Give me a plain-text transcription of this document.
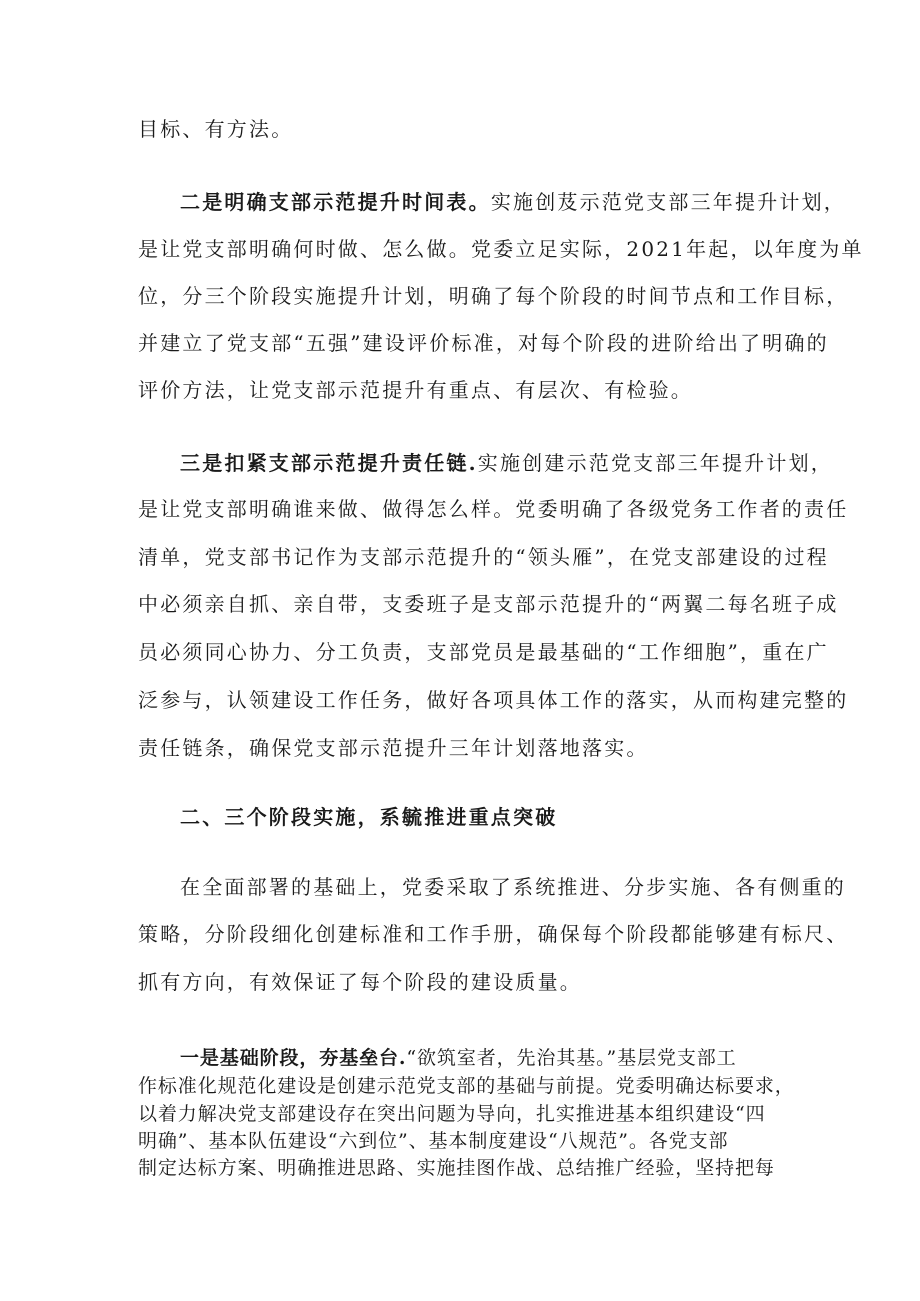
目标、有方法。
二是明确支部示范提升时间表。实施创芨示范党支部三年提升计划，
是让党支部明确何时做、怎么做。党委立足实际，2021年起，以年度为单
位，分三个阶段实施提升计划，明确了每个阶段的时间节点和工作目标，
并建立了党支部“五强”建设评价标准，对每个阶段的进阶给出了明确的
评价方法，让党支部示范提升有重点、有层次、有检验。
三是扣紧支部示范提升责任链.实施创建示范党支部三年提升计划，
是让党支部明确谁来做、做得怎么样。党委明确了各级党务工作者的责任
清单，党支部书记作为支部示范提升的“领头雁”，在党支部建设的过程
中必须亲自抓、亲自带，支委班子是支部示范提升的“两翼二每名班子成
员必须同心协力、分工负责，支部党员是最基础的“工作细胞”，重在广
泛参与，认领建设工作任务，做好各项具体工作的落实，从而构建完整的
责任链条，确保党支部示范提升三年计划落地落实。
二、三个阶段实施，系毓推进重点突破
在全面部署的基础上，党委采取了系统推进、分步实施、各有侧重的
策略，分阶段细化创建标准和工作手册，确保每个阶段都能够建有标尺、
抓有方向，有效保证了每个阶段的建设质量。
一是基础阶段，夯基垒台.“欲筑室者，先治其基。”基层党支部工
作标准化规范化建设是创建示范党支部的基础与前提。党委明确达标要求，
以着力解决党支部建设存在突出问题为导向，扎实推进基本组织建设“四
明确”、基本队伍建设“六到位”、基本制度建设“八规范”。各党支部
制定达标方案、明确推进思路、实施挂图作战、总结推广经验，坚持把每
